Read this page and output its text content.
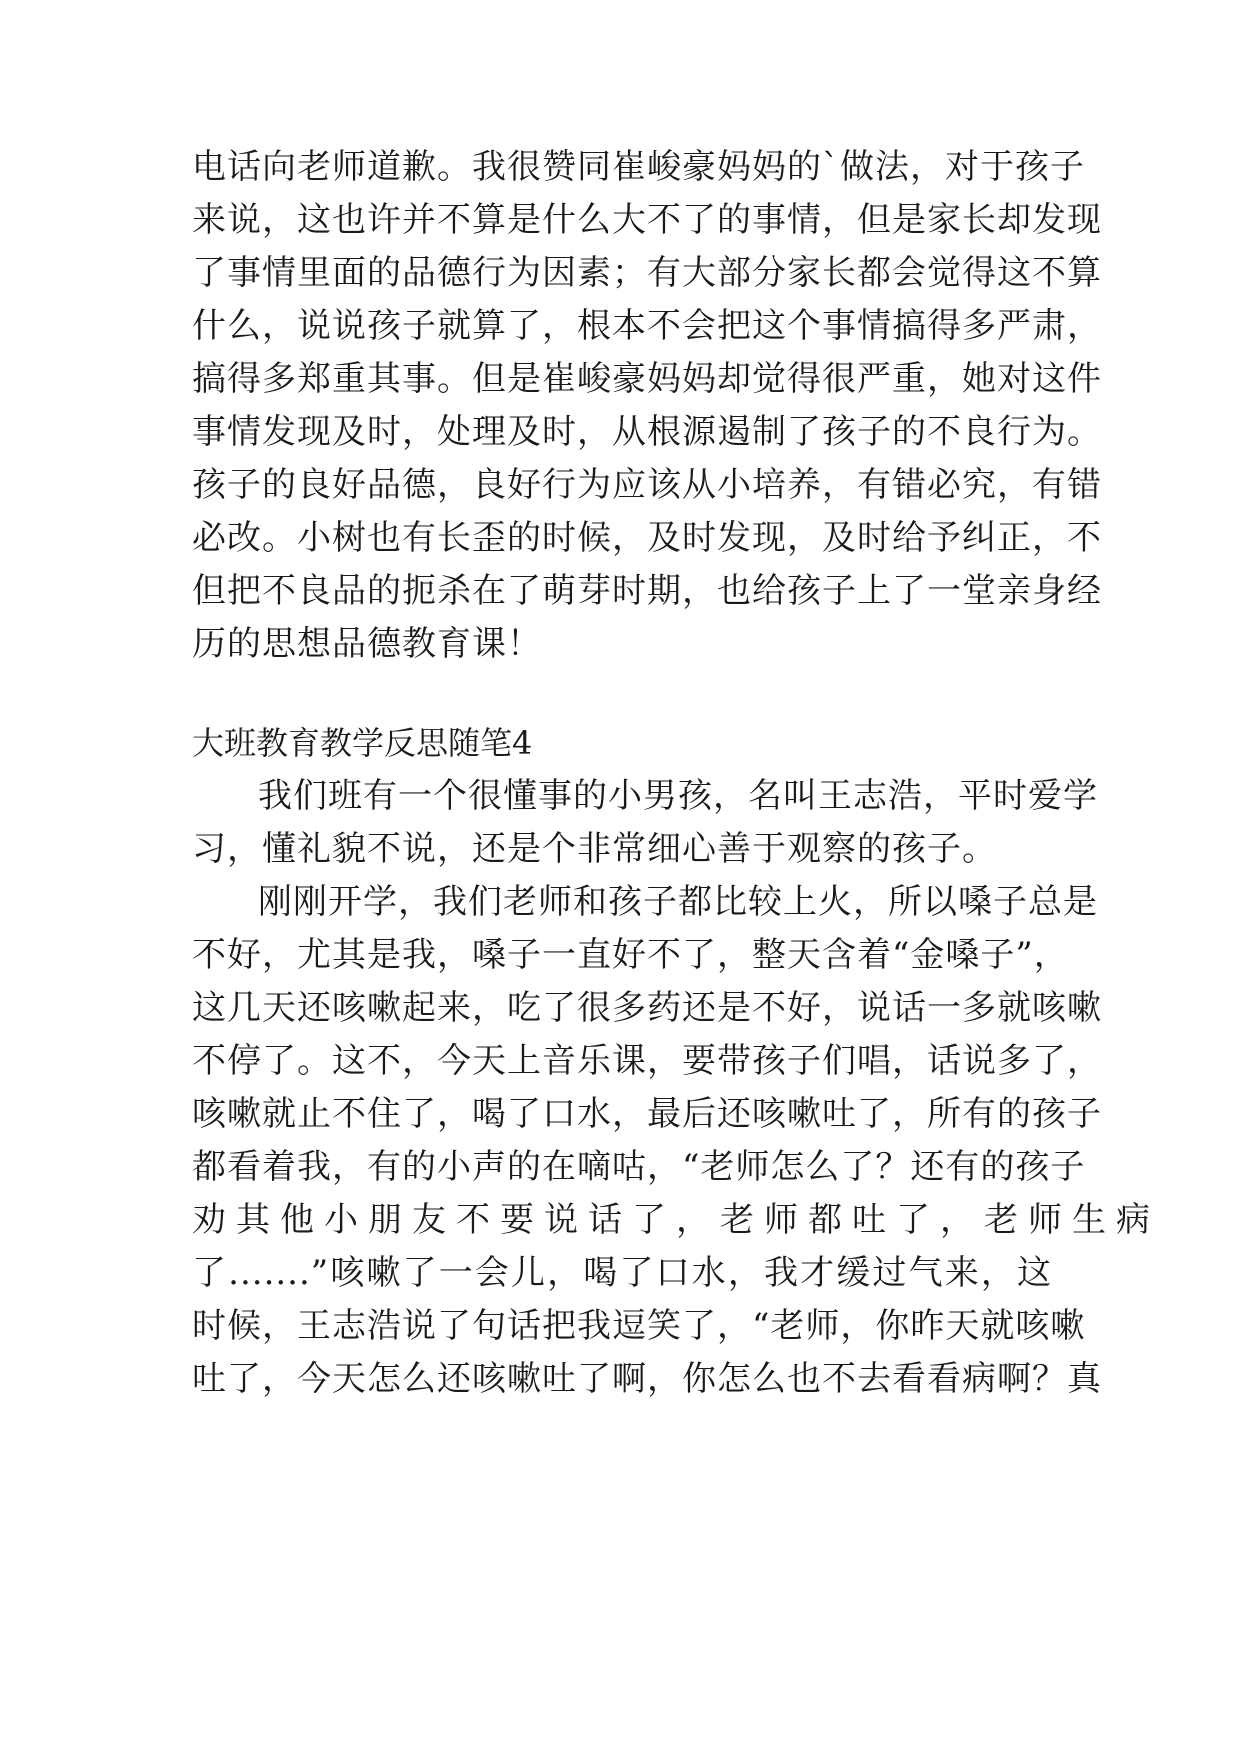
电话向老师道歉。我很赞同崔峻豪妈妈的`做法，对于孩子
来说，这也许并不算是什么大不了的事情，但是家长却发现
了事情里面的品德行为因素；有大部分家长都会觉得这不算
什么，说说孩子就算了，根本不会把这个事情搞得多严肃，
搞得多郑重其事。但是崔峻豪妈妈却觉得很严重，她对这件
事情发现及时，处理及时，从根源遏制了孩子的不良行为。
孩子的良好品德，良好行为应该从小培养，有错必究，有错
必改。小树也有长歪的时候，及时发现，及时给予纠正，不
但把不良品的扼杀在了萌芽时期，也给孩子上了一堂亲身经
历的思想品德教育课！
大班教育教学反思随笔4
我们班有一个很懂事的小男孩，名叫王志浩，平时爱学
习，懂礼貌不说，还是个非常细心善于观察的孩子。
刚刚开学，我们老师和孩子都比较上火，所以嗓子总是
不好，尤其是我，嗓子一直好不了，整天含着“金嗓子”，
这几天还咳嗽起来，吃了很多药还是不好，说话一多就咳嗽
不停了。这不，今天上音乐课，要带孩子们唱，话说多了，
咳嗽就止不住了，喝了口水，最后还咳嗽吐了，所有的孩子
都看着我，有的小声的在嘀咕，“老师怎么了？还有的孩子
劝其他小朋友不要说话了，老师都吐了，老师生病
了.......”咳嗽了一会儿，喝了口水，我才缓过气来，这
时候，王志浩说了句话把我逗笑了，“老师，你昨天就咳嗽
吐了，今天怎么还咳嗽吐了啊，你怎么也不去看看病啊？真
